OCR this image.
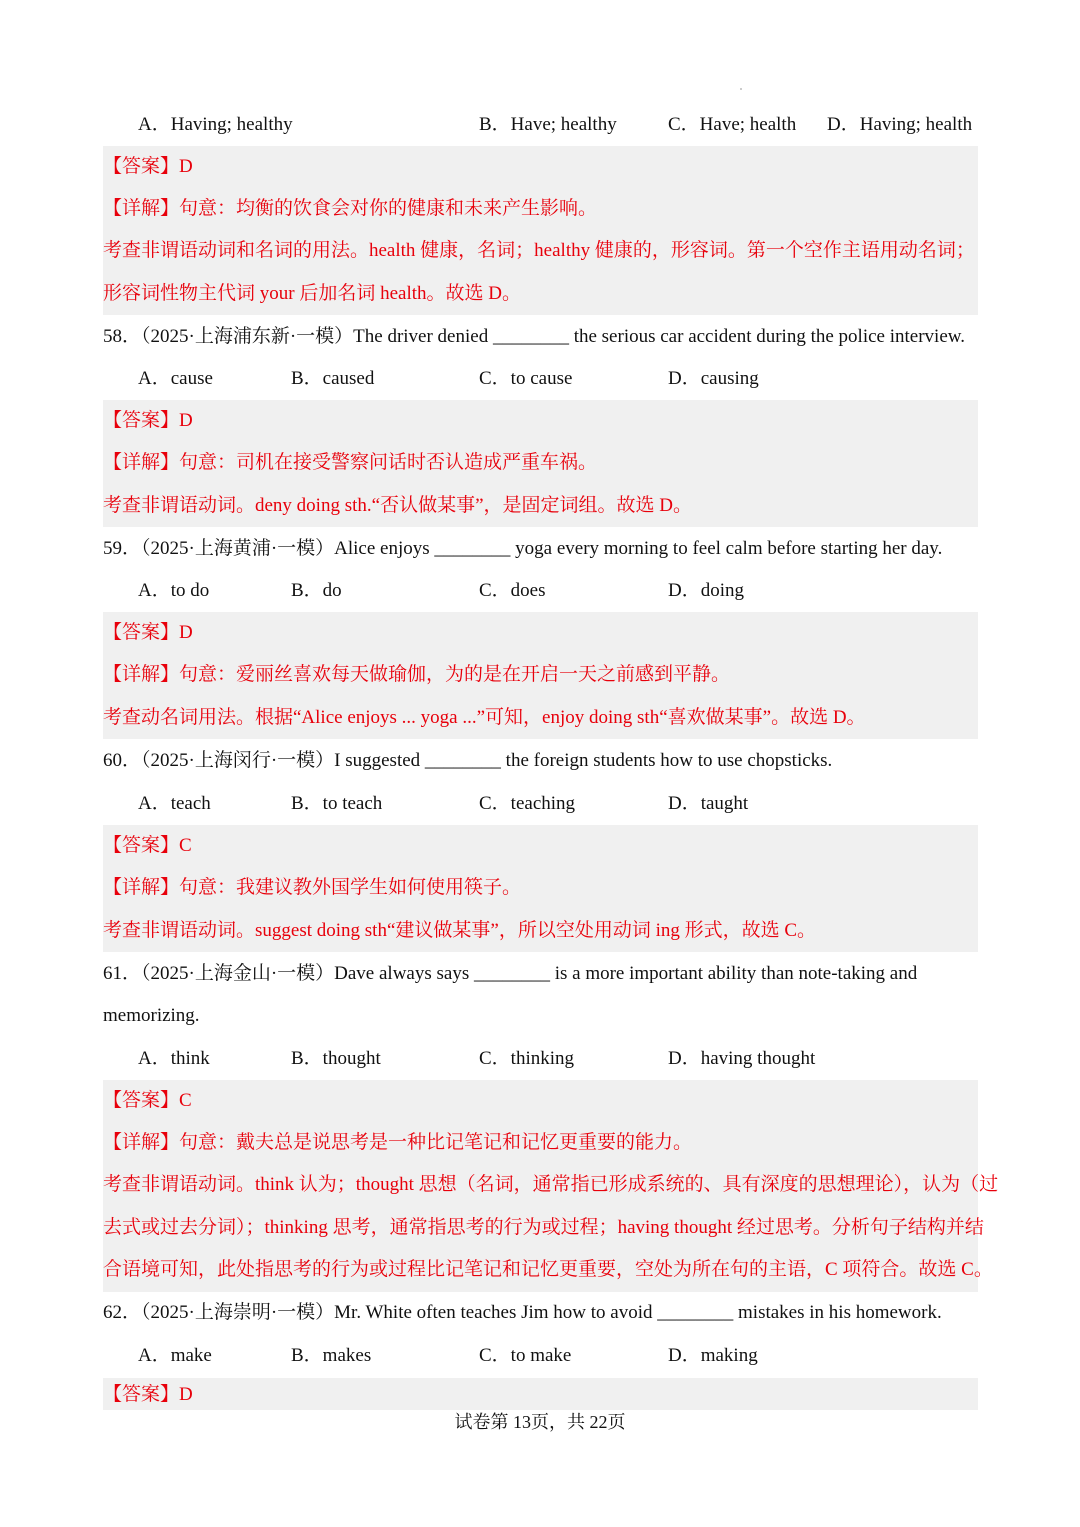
A．Having; healthy	B．Have; healthy	C．Have; health D．Having; health
【答案】D
【详解】句意：均衡的饮食会对你的健康和未来产生影响。
考查非谓语动词和名词的用法。health 健康，名词；healthy 健康的，形容词。第一个空作主语用动名词；
形容词性物主代词 your 后加名词 health。故选 D。
58．（2025·上海浦东新·一模）The driver denied ________ the serious car accident during the police interview.
A．cause	B．caused	C．to cause	D．causing
【答案】D
【详解】句意：司机在接受警察问话时否认造成严重车祸。
考查非谓语动词。deny doing sth.“否认做某事”，是固定词组。故选 D。
59．（2025·上海黄浦·一模）Alice enjoys ________ yoga every morning to feel calm before starting her day.
A．to do	B．do	C．does	D．doing
【答案】D
【详解】句意：爱丽丝喜欢每天做瑜伽，为的是在开启一天之前感到平静。
考查动名词用法。根据“Alice enjoys ... yoga ...”可知，enjoy doing sth“喜欢做某事”。故选 D。
60．（2025·上海闵行·一模）I suggested ________ the foreign students how to use chopsticks.
A．teach	B．to teach	C．teaching	D．taught
【答案】C
【详解】句意：我建议教外国学生如何使用筷子。
考查非谓语动词。suggest doing sth“建议做某事”，所以空处用动词 ing 形式，故选 C。
61．（2025·上海金山·一模）Dave always says ________ is a more important ability than note-taking and
memorizing.
A．think	B．thought	C．thinking	D．having thought
【答案】C
【详解】句意：戴夫总是说思考是一种比记笔记和记忆更重要的能力。
考查非谓语动词。think 认为；thought 思想（名词，通常指已形成系统的、具有深度的思想理论），认为（过
去式或过去分词）；thinking 思考，通常指思考的行为或过程；having thought 经过思考。分析句子结构并结
合语境可知，此处指思考的行为或过程比记笔记和记忆更重要，空处为所在句的主语，C 项符合。故选 C。
62．（2025·上海崇明·一模）Mr. White often teaches Jim how to avoid ________ mistakes in his homework.
A．make	B．makes	C．to make	D．making
【答案】D
试卷第 13页，共 22页
